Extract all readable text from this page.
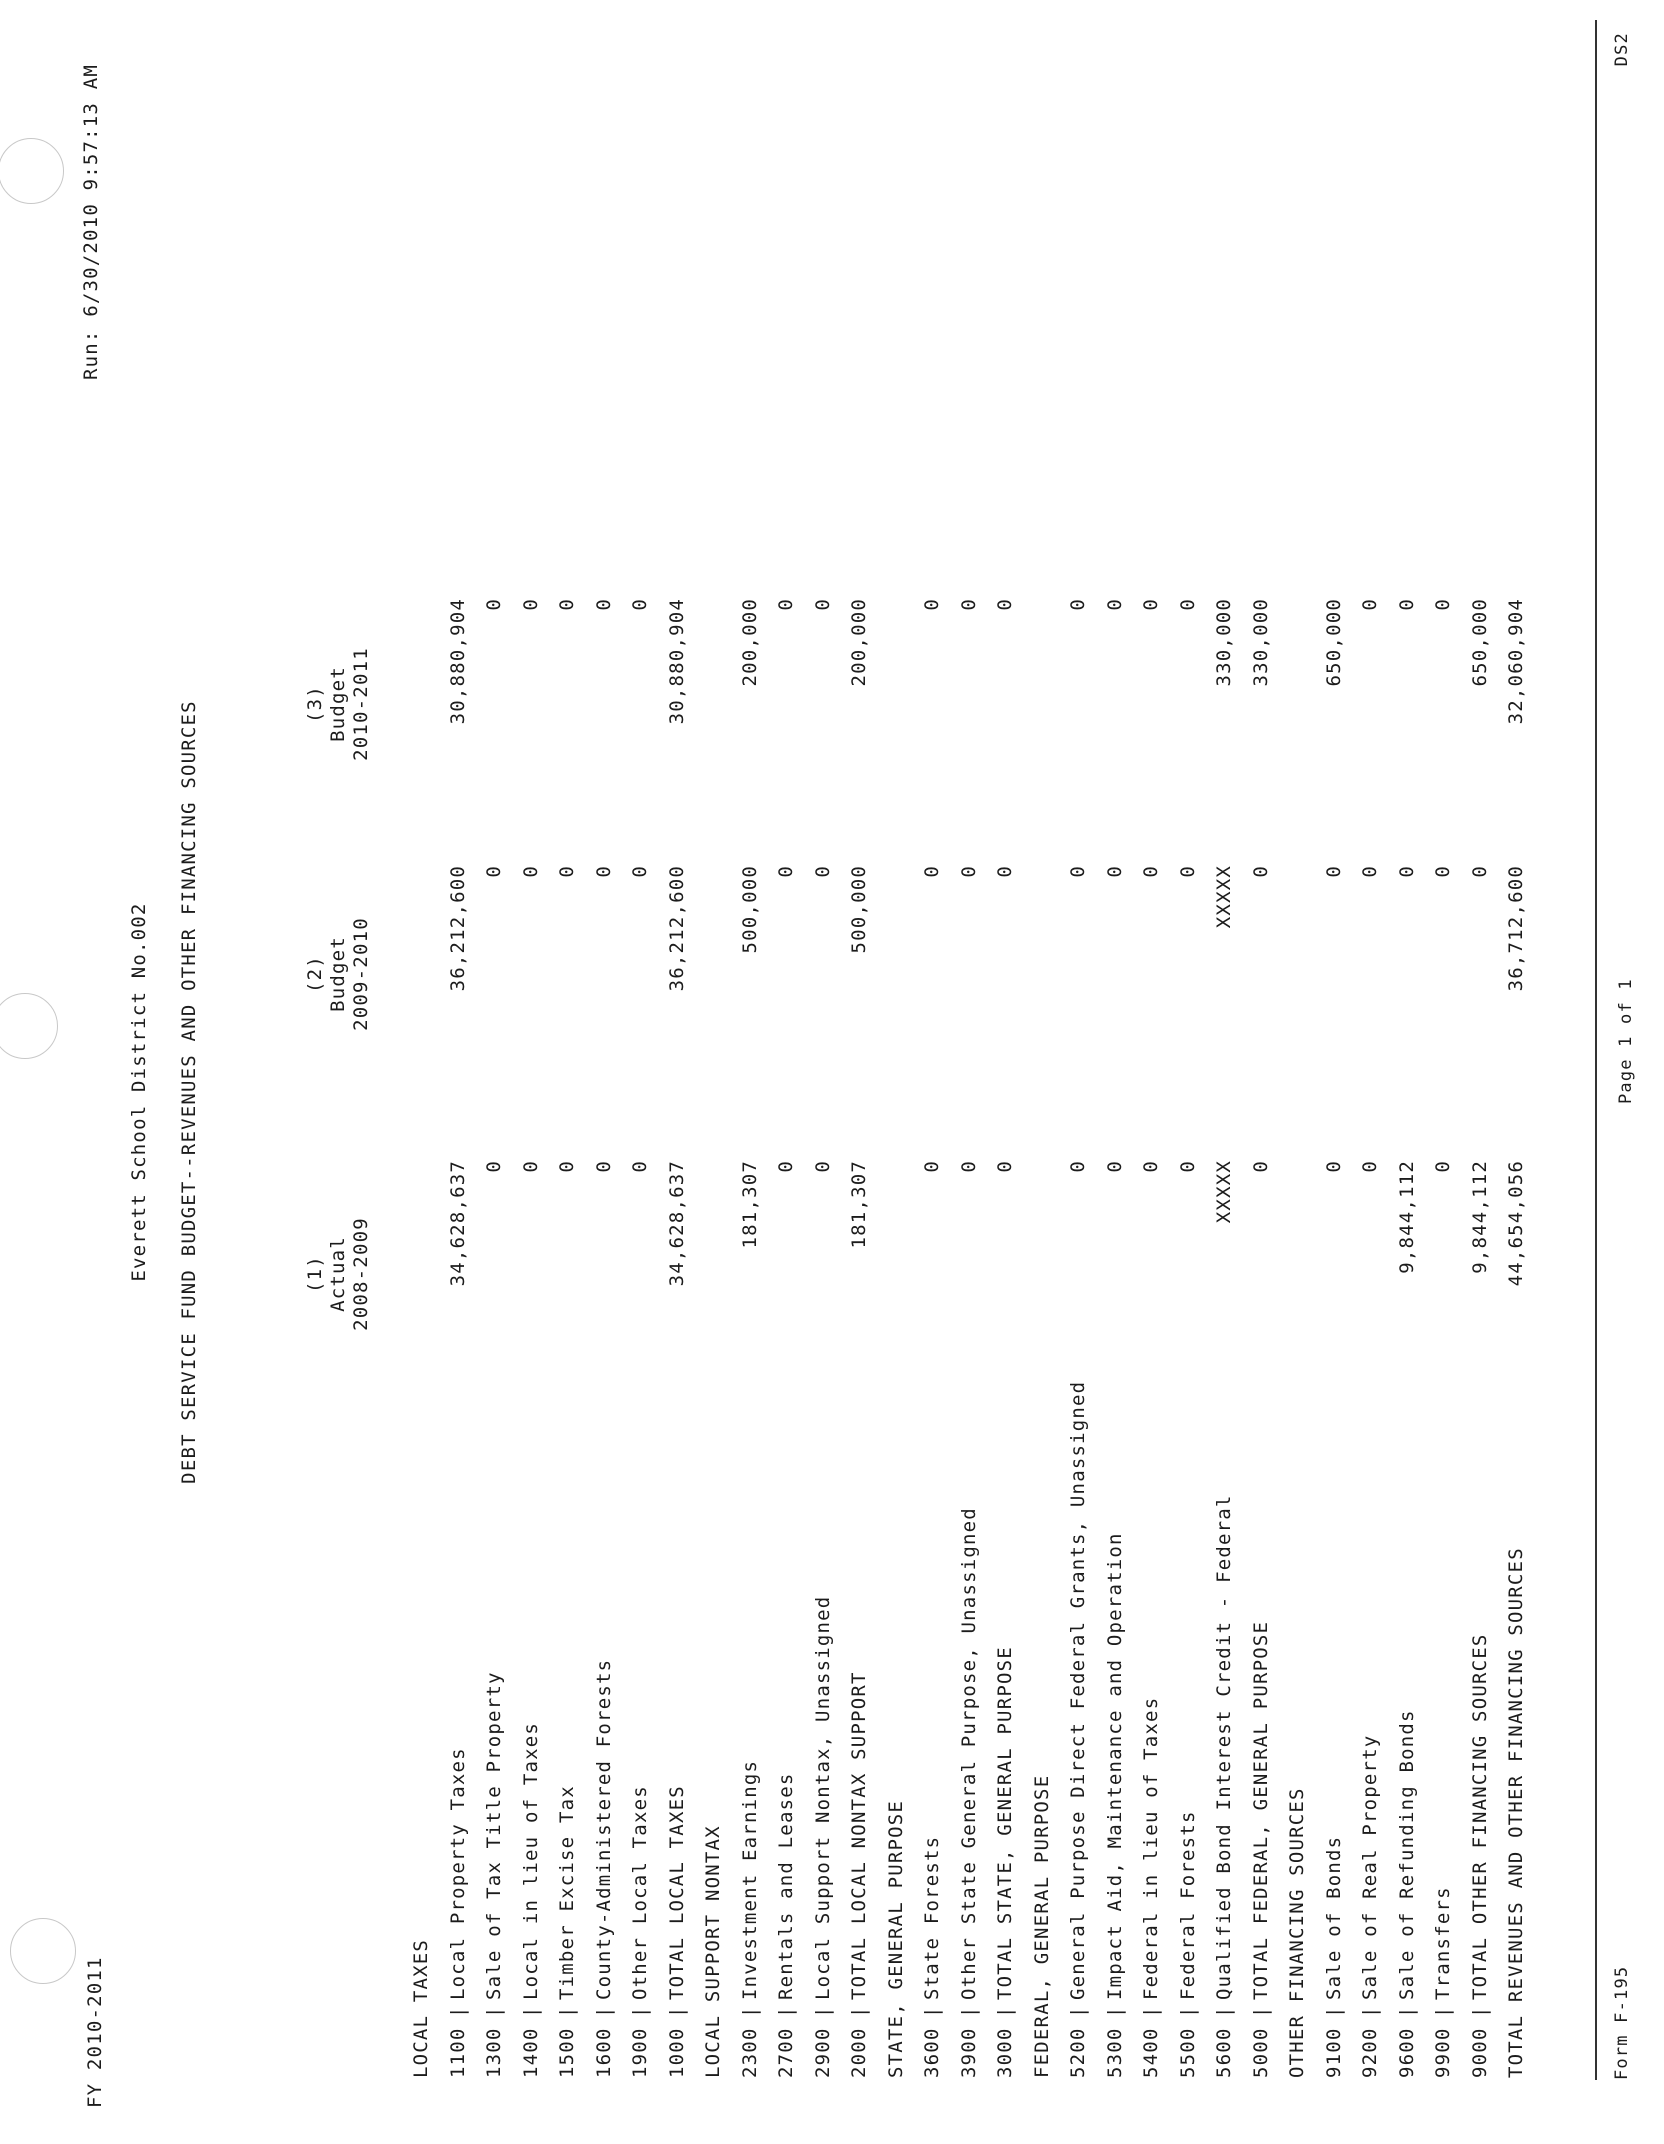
FY 2010-2011
Run: 6/30/2010 9:57:13 AM
Everett School District No.002 DEBT SERVICE FUND BUDGET--REVENUES AND OTHER FINANCING SOURCES	(1) Actual 2008-2009
(2) Budget 2009-2010
(3) Budget 2010-2011
LOCAL TAXES 1100
|
Local Property Taxes
34,628,637
36,212,600
30,880,904
1300
|
Sale of Tax Title Property
0
0
0
1400
|
Local in lieu of Taxes
0
0
0
1500
|
Timber Excise Tax
0
0
0
1600
|
County-Administered Forests
0
0
0
1900
|
Other Local Taxes
0
0
0
1000
|
TOTAL LOCAL TAXES
34,628,637
36,212,600
30,880,904
LOCAL SUPPORT NONTAX 2300
|
Investment Earnings
181,307
500,000
200,000
2700
|
Rentals and Leases
0
0
0
2900
|
Local Support Nontax, Unassigned
0
0
0
2000
|
TOTAL LOCAL NONTAX SUPPORT
181,307
500,000
200,000
STATE, GENERAL PURPOSE 3600
|
State Forests
0
0
0
3900
|
Other State General Purpose, Unassigned
0
0
0
3000
|
TOTAL STATE, GENERAL PURPOSE
0
0
0
FEDERAL, GENERAL PURPOSE 5200
|
General Purpose Direct Federal Grants, Unassigned
0
0
0
5300
|
Impact Aid, Maintenance and Operation
0
0
0
5400
|
Federal in lieu of Taxes
0
0
0
5500
|
Federal Forests
0
0
0
5600
|
Qualified Bond Interest Credit - Federal
XXXXX
XXXXX
330,000
5000
|
TOTAL FEDERAL, GENERAL PURPOSE
0
0
330,000
OTHER FINANCING SOURCES 9100
|
Sale of Bonds
0
0
650,000
9200
|
Sale of Real Property
0
0
0
9600
|
Sale of Refunding Bonds
9,844,112
0
0
9900
|
Transfers
0
0
0
9000
|
TOTAL OTHER FINANCING SOURCES
9,844,112
0
650,000
TOTAL REVENUES AND OTHER FINANCING SOURCES
44,654,056
36,712,600
32,060,904
Form F-195
Page 1 of 1
DS2
